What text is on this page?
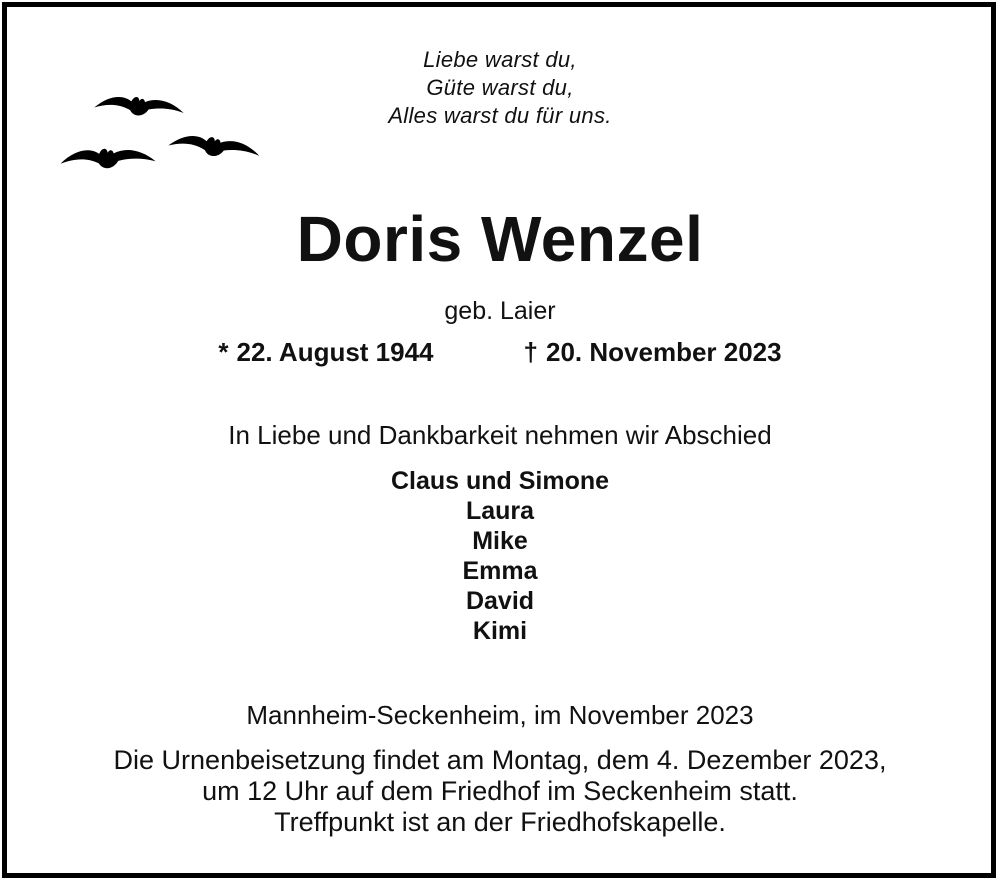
Liebe warst du,
Güte warst du,
Alles warst du für uns.
Doris Wenzel
geb. Laier
* 22. August 1944	† 20. November 2023
In Liebe und Dankbarkeit nehmen wir Abschied
Claus und Simone
Laura
Mike
Emma
David
Kimi
Mannheim-Seckenheim, im November 2023
Die Urnenbeisetzung findet am Montag, dem 4. Dezember 2023,
um 12 Uhr auf dem Friedhof im Seckenheim statt.
Treffpunkt ist an der Friedhofskapelle.
